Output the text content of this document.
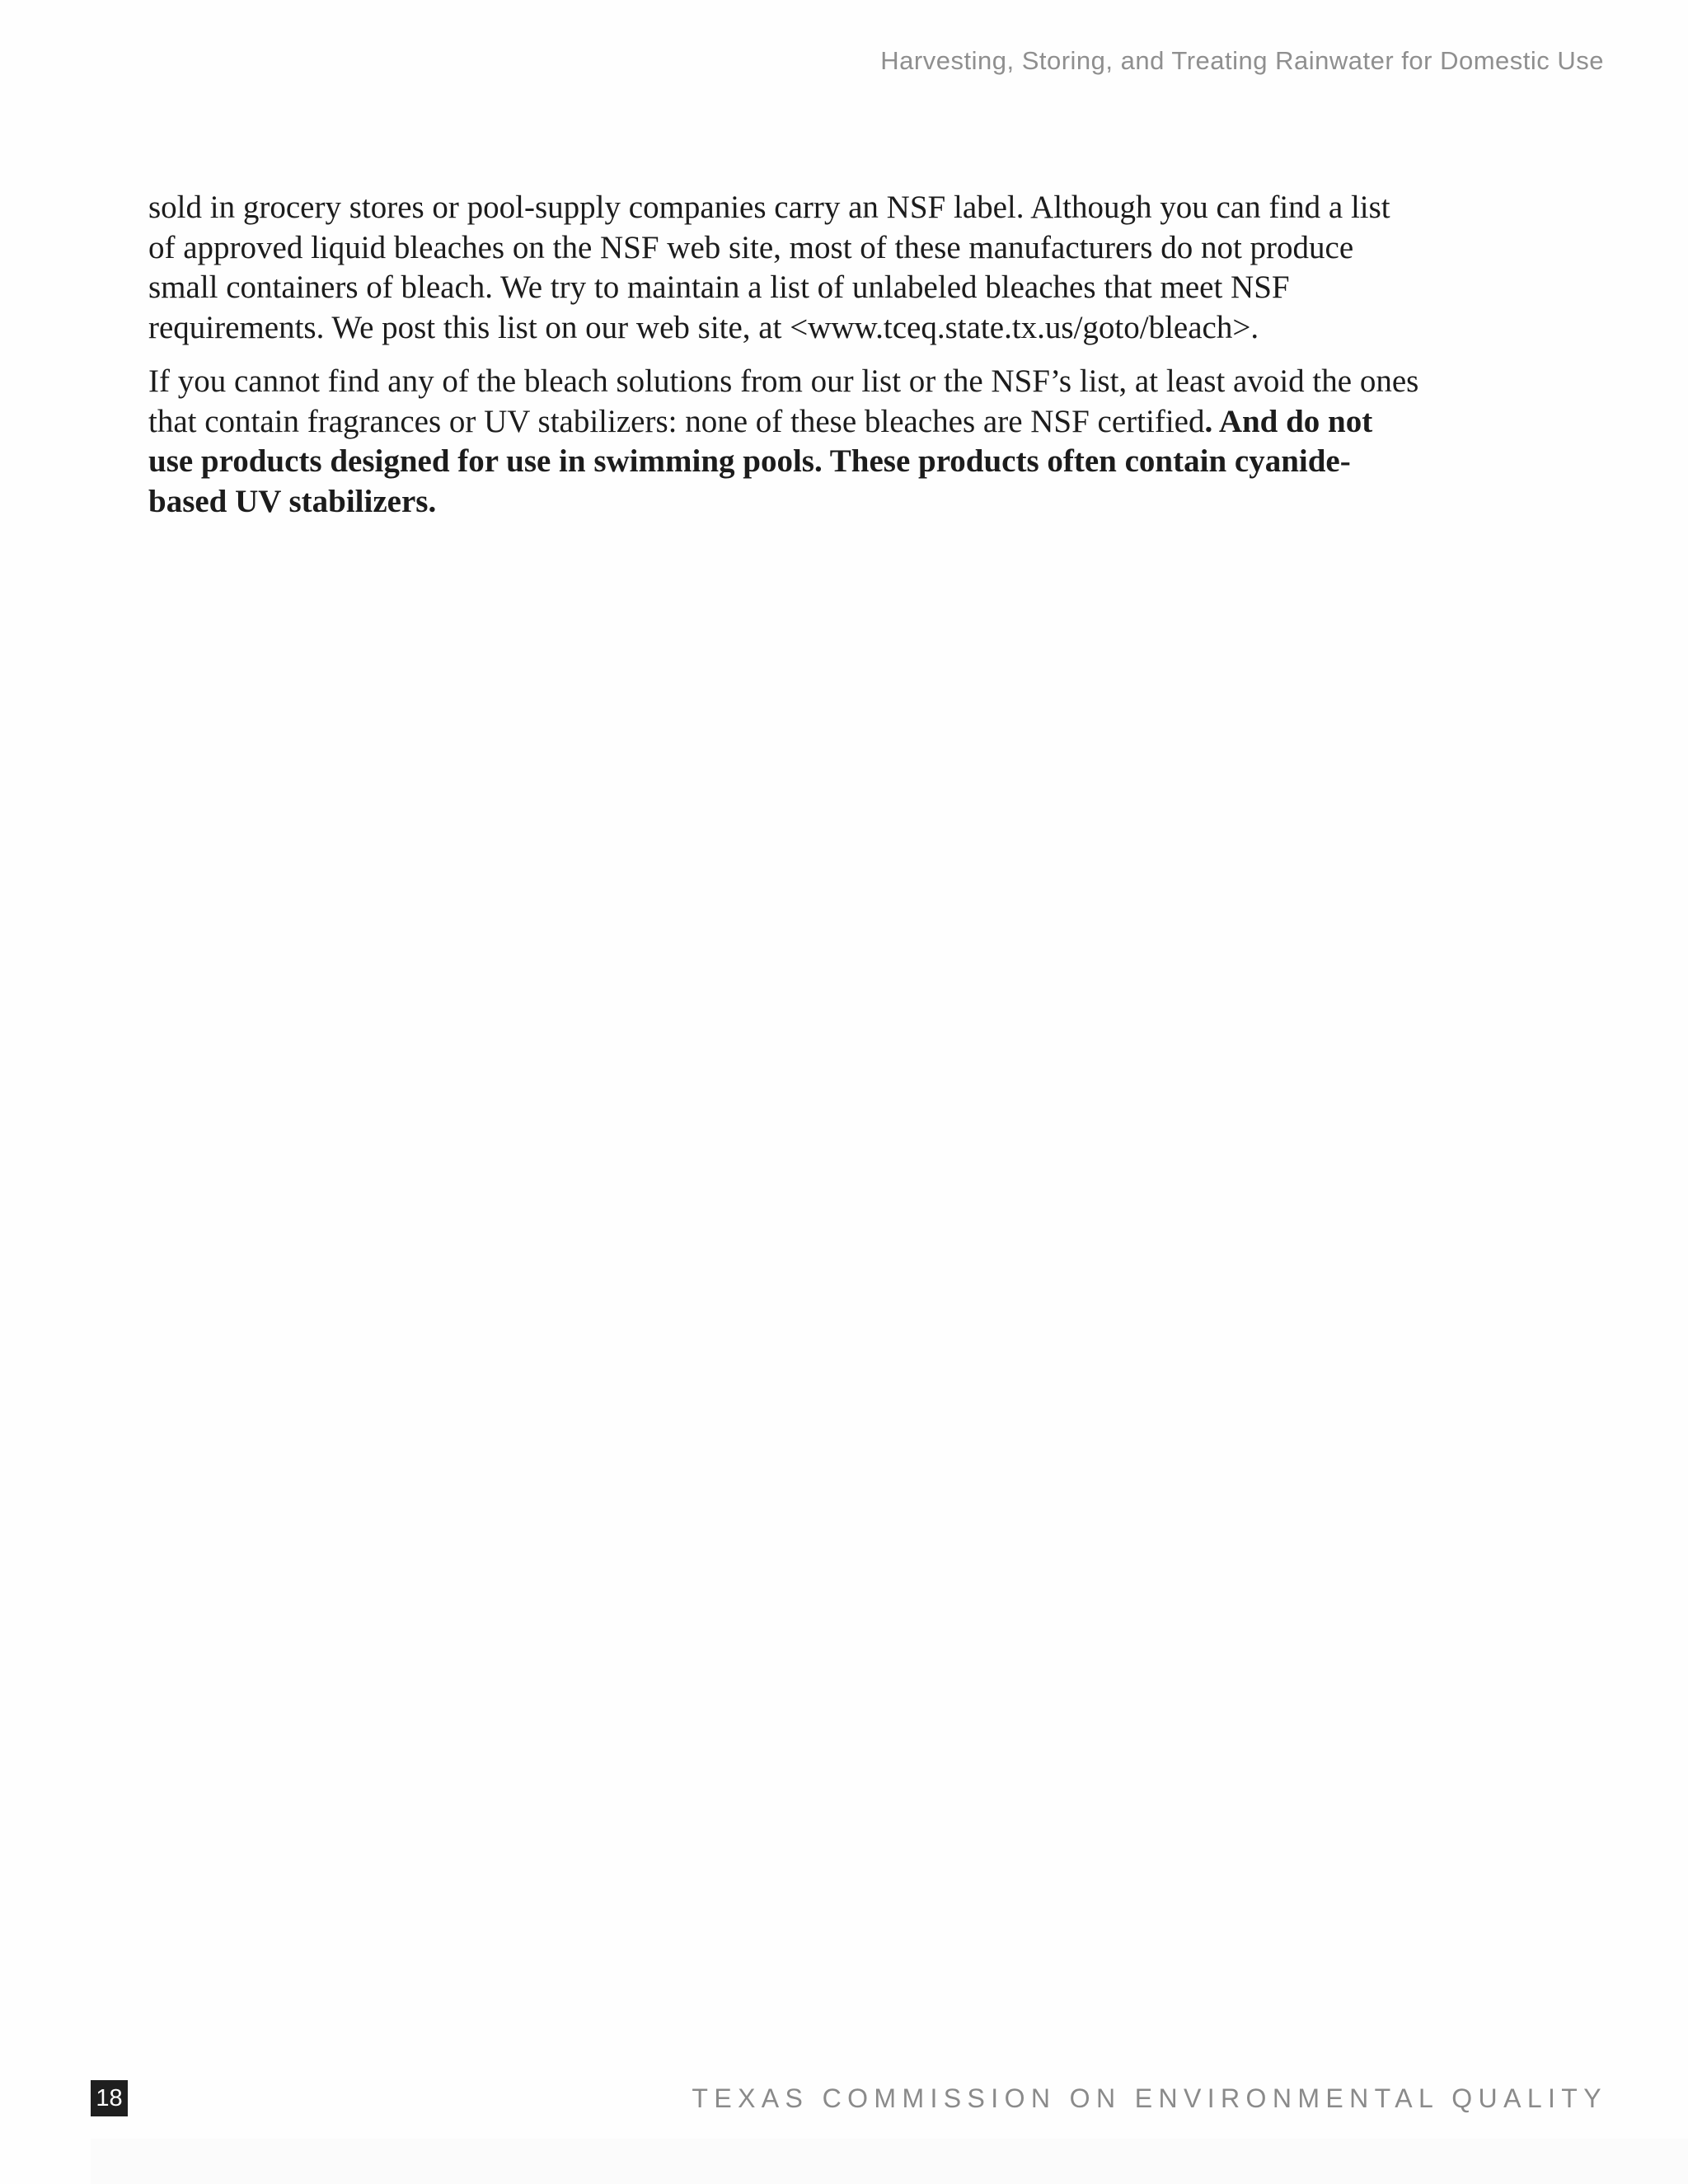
Harvesting, Storing, and Treating Rainwater for Domestic Use

sold in grocery stores or pool-supply companies carry an NSF label. Although you can find a list of approved liquid bleaches on the NSF web site, most of these manufacturers do not produce small containers of bleach. We try to maintain a list of unlabeled bleaches that meet NSF requirements. We post this list on our web site, at <www.tceq.state.tx.us/goto/bleach>.

If you cannot find any of the bleach solutions from our list or the NSF’s list, at least avoid the ones that contain fragrances or UV stabilizers: none of these bleaches are NSF certified. And do not use products designed for use in swimming pools. These products often contain cyanide-based UV stabilizers.

18	TEXAS COMMISSION ON ENVIRONMENTAL QUALITY
